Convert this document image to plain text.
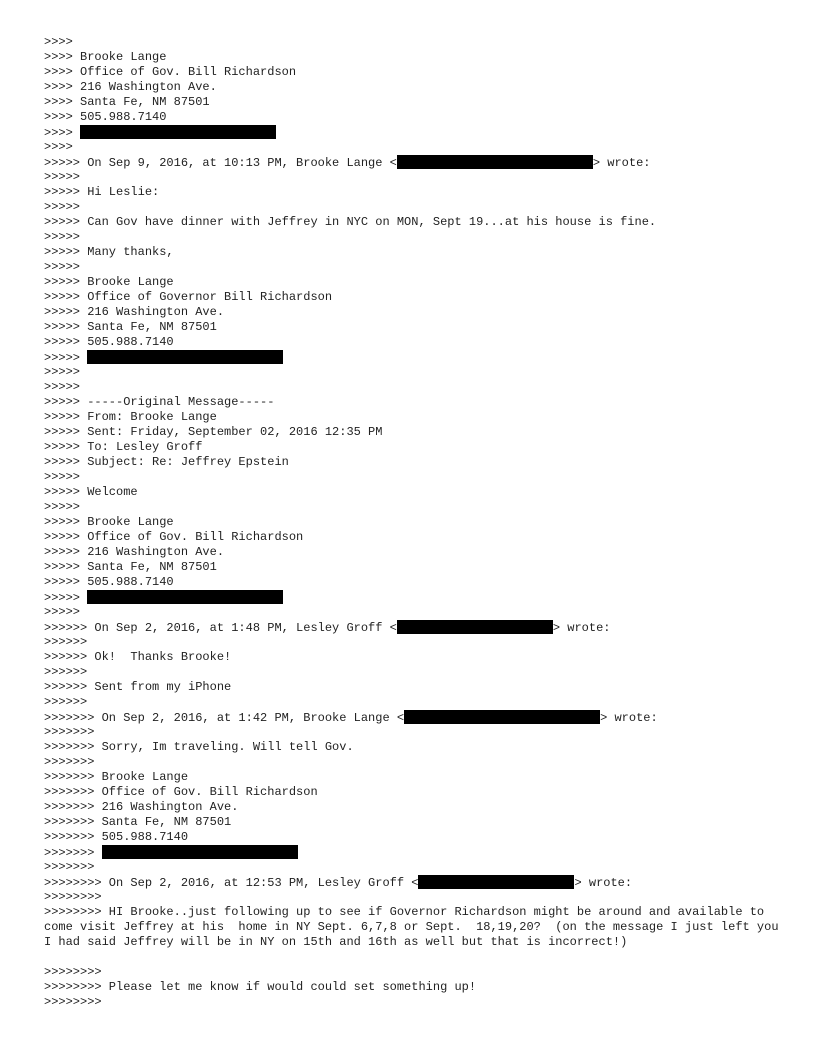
>>>>
>>>> Brooke Lange
>>>> Office of Gov. Bill Richardson
>>>> 216 Washington Ave.
>>>> Santa Fe, NM 87501
>>>> 505.988.7140
>>>>
>>>>
>>>>> On Sep 9, 2016, at 10:13 PM, Brooke Lange <	> wrote:
>>>>>
>>>>> Hi Leslie:
>>>>>
>>>>> Can Gov have dinner with Jeffrey in NYC on MON, Sept 19...at his house is fine.
>>>>>
>>>>> Many thanks,
>>>>>
>>>>> Brooke Lange
>>>>> Office of Governor Bill Richardson
>>>>> 216 Washington Ave.
>>>>> Santa Fe, NM 87501
>>>>> 505.988.7140
>>>>>
>>>>>
>>>>>
>>>>> -----Original Message-----
>>>>> From: Brooke Lange
>>>>> Sent: Friday, September 02, 2016 12:35 PM
>>>>> To: Lesley Groff
>>>>> Subject: Re: Jeffrey Epstein
>>>>>
>>>>> Welcome
>>>>>
>>>>> Brooke Lange
>>>>> Office of Gov. Bill Richardson
>>>>> 216 Washington Ave.
>>>>> Santa Fe, NM 87501
>>>>> 505.988.7140
>>>>>
>>>>>
>>>>>> On Sep 2, 2016, at 1:48 PM, Lesley Groff <	> wrote:
>>>>>>
>>>>>> Ok!  Thanks Brooke!
>>>>>>
>>>>>> Sent from my iPhone
>>>>>>
>>>>>>> On Sep 2, 2016, at 1:42 PM, Brooke Lange <	> wrote:
>>>>>>>
>>>>>>> Sorry, Im traveling. Will tell Gov.
>>>>>>>
>>>>>>> Brooke Lange
>>>>>>> Office of Gov. Bill Richardson
>>>>>>> 216 Washington Ave.
>>>>>>> Santa Fe, NM 87501
>>>>>>> 505.988.7140
>>>>>>>
>>>>>>>
>>>>>>>> On Sep 2, 2016, at 12:53 PM, Lesley Groff <	> wrote:
>>>>>>>>
>>>>>>>> HI Brooke..just following up to see if Governor Richardson might be around and available to come visit Jeffrey at his  home in NY Sept. 6,7,8 or Sept.  18,19,20?  (on the message I just left you I had said Jeffrey will be in NY on 15th and 16th as well but that is incorrect!)
>>>>>>>>
>>>>>>>> Please let me know if would could set something up!
>>>>>>>>
